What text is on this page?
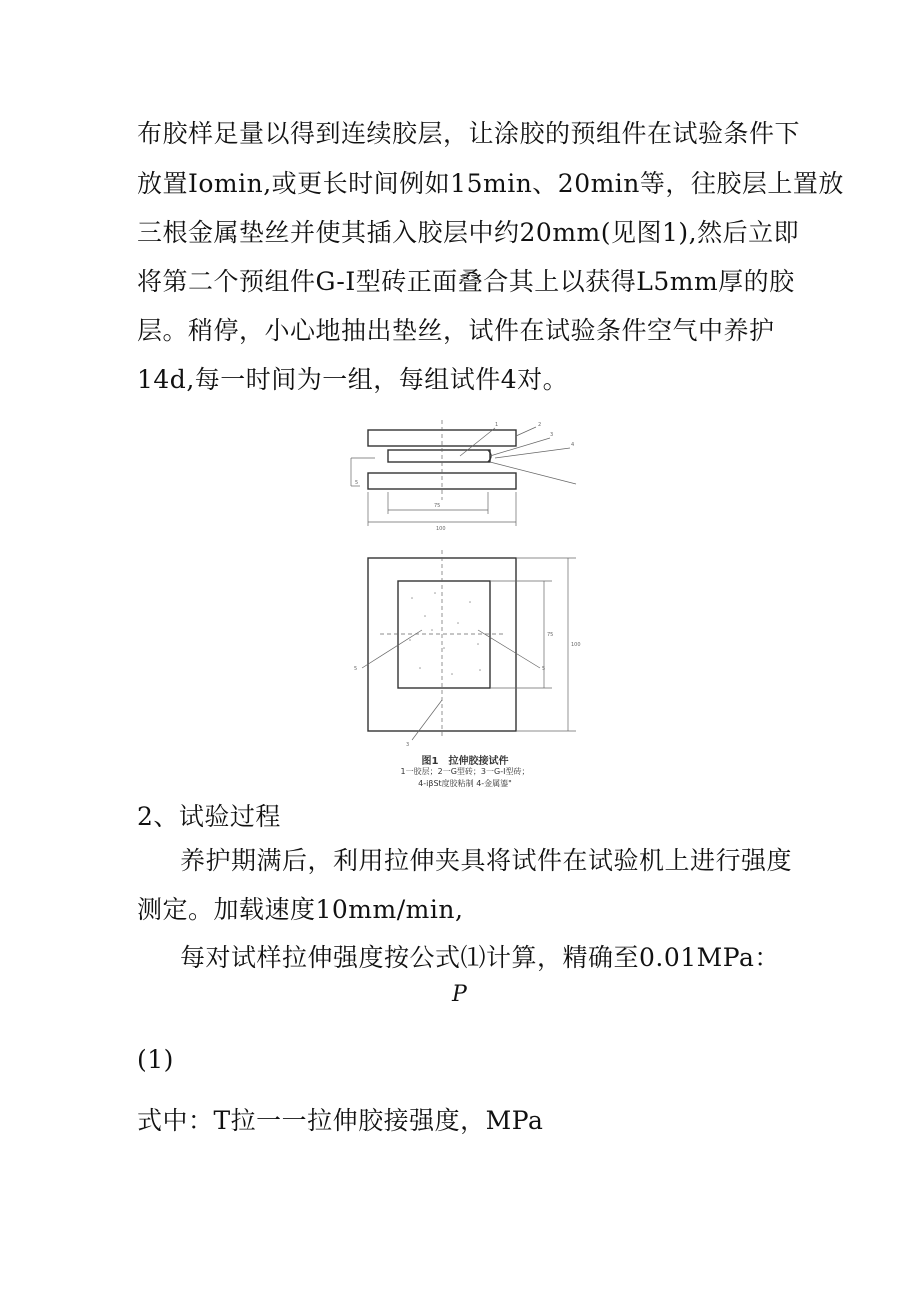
布胶样足量以得到连续胶层，让涂胶的预组件在试验条件下
放置Iomin,或更长时间例如15min、20min等，往胶层上置放
三根金属垫丝并使其插入胶层中约20mm(见图1),然后立即
将第二个预组件G-I型砖正面叠合其上以获得L5mm厚的胶
层。稍停，小心地抽出垫丝，试件在试验条件空气中养护
14d,每一时间为一组，每组试件4对。
1	2
3
4
5
75
100
5	5
3
75
100
图1　拉伸胶接试件
1一胶层；2一G型砖；3一G-I型砖；
4-iβSt度胶粘制 4-金属鎏"
2、试验过程
养护期满后，利用拉伸夹具将试件在试验机上进行强度
测定。加载速度10mm/min,
每对试样拉伸强度按公式⑴计算，精确至0.01MPa：
P
(1)
式中：T拉一一拉伸胶接强度，MPa
